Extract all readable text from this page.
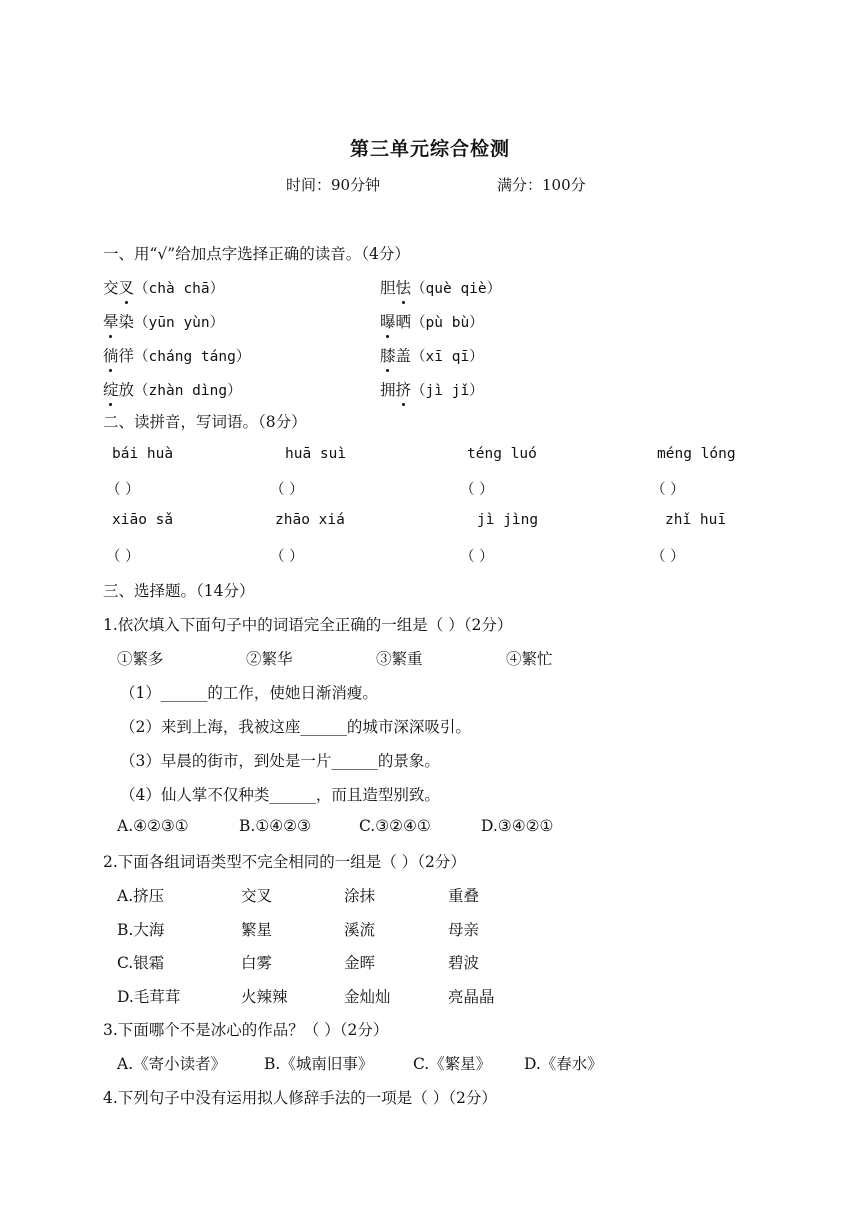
第三单元综合检测
时间：90分钟	满分：100分
一、用“√”给加点字选择正确的读音。（4分）
交叉（chà chā）	胆怯（què qiè）
晕染（yūn yùn）	曝晒（pù bù）
徜徉（cháng táng）	膝盖（xī qī）
绽放（zhàn dìng）	拥挤（jì jǐ）
二、读拼音，写词语。（8分）
bái huà	huā suì	téng luó	méng lóng
（ ）	（ ）	（ ）	（ ）
xiāo sǎ	zhāo xiá	jì jìng	zhǐ huī
（ ）	（ ）	（ ）	（ ）
三、选择题。（14分）
1.依次填入下面句子中的词语完全正确的一组是（ ）（2分）
①繁多	②繁华	③繁重	④繁忙
（1）______的工作，使她日渐消瘦。
（2）来到上海，我被这座______的城市深深吸引。
（3）早晨的街市，到处是一片______的景象。
（4）仙人掌不仅种类______，而且造型别致。
A.④②③①	B.①④②③	C.③②④①	D.③④②①
2.下面各组词语类型不完全相同的一组是（ ）（2分）
A.挤压	交叉	涂抹	重叠
B.大海	繁星	溪流	母亲
C.银霜	白雾	金晖	碧波
D.毛茸茸	火辣辣	金灿灿	亮晶晶
3.下面哪个不是冰心的作品？（ ）（2分）
A.《寄小读者》 B.《城南旧事》	C.《繁星》 D.《春水》
4.下列句子中没有运用拟人修辞手法的一项是（ ）（2分）
